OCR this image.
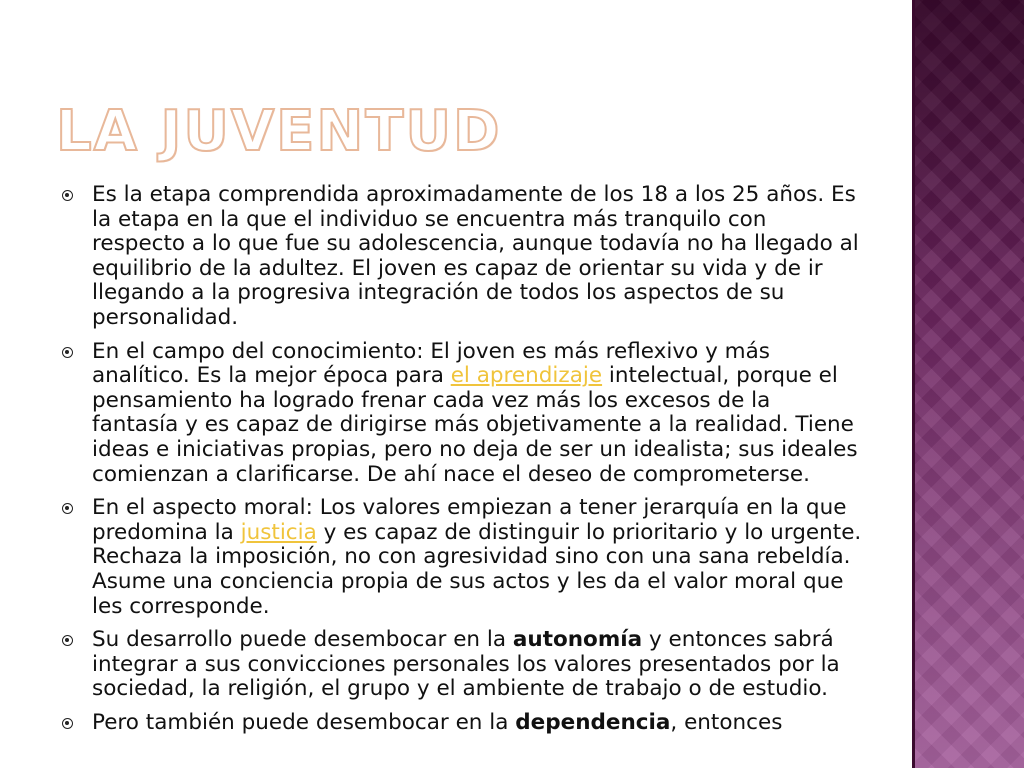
LA JUVENTUD
Es la etapa comprendida aproximadamente de los 18 a los 25 años. Es la etapa en la que el individuo se encuentra más tranquilo con respecto a lo que fue su adolescencia, aunque todavía no ha llegado al equilibrio de la adultez. El joven es capaz de orientar su vida y de ir llegando a la progresiva integración de todos los aspectos de su personalidad.
En el campo del conocimiento: El joven es más reflexivo y más analítico. Es la mejor época para el aprendizaje intelectual, porque el pensamiento ha logrado frenar cada vez más los excesos de la fantasía y es capaz de dirigirse más objetivamente a la realidad. Tiene ideas e iniciativas propias, pero no deja de ser un idealista; sus ideales comienzan a clarificarse. De ahí nace el deseo de comprometerse.
En el aspecto moral: Los valores empiezan a tener jerarquía en la que predomina la justicia y es capaz de distinguir lo prioritario y lo urgente. Rechaza la imposición, no con agresividad sino con una sana rebeldía. Asume una conciencia propia de sus actos y les da el valor moral que les corresponde.
Su desarrollo puede desembocar en la autonomía y entonces sabrá integrar a sus convicciones personales los valores presentados por la sociedad, la religión, el grupo y el ambiente de trabajo o de estudio.
Pero también puede desembocar en la dependencia, entonces
